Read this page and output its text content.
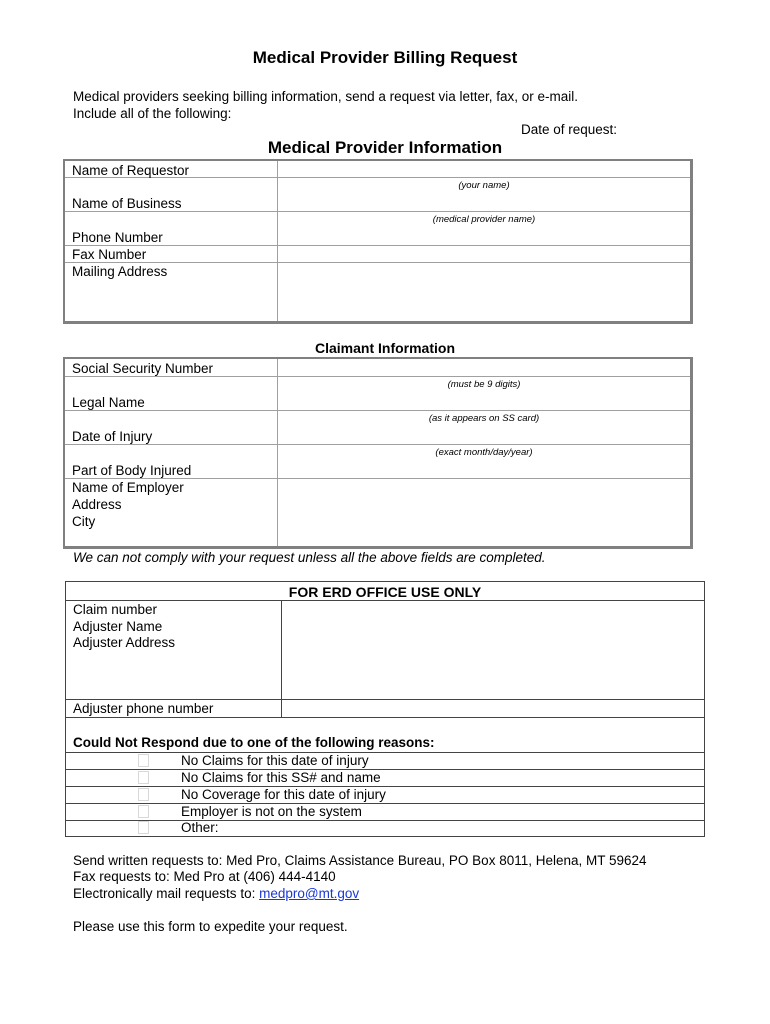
Medical Provider Billing Request
Medical providers seeking billing information, send a request via letter, fax, or e-mail.
Include all of the following:
Date of request:
Medical Provider Information
Name of Requestor
(your name)
Name of Business
(medical provider name)
Phone Number
Fax Number
Mailing Address
Claimant Information
Social Security Number
(must be 9 digits)
Legal Name
(as it appears on SS card)
Date of Injury
(exact month/day/year)
Part of Body Injured
Name of Employer
Address
City
We can not comply with your request unless all the above fields are completed.
FOR ERD OFFICE USE ONLY
Claim number
Adjuster Name
Adjuster Address
Adjuster phone number
Could Not Respond due to one of the following reasons:
No Claims for this date of injury
No Claims for this SS# and name
No Coverage for this date of injury
Employer is not on the system
Other:
Send written requests to: Med Pro, Claims Assistance Bureau, PO Box 8011, Helena, MT 59624
Fax requests to: Med Pro at (406) 444-4140
Electronically mail requests to: medpro@mt.gov
Please use this form to expedite your request.
